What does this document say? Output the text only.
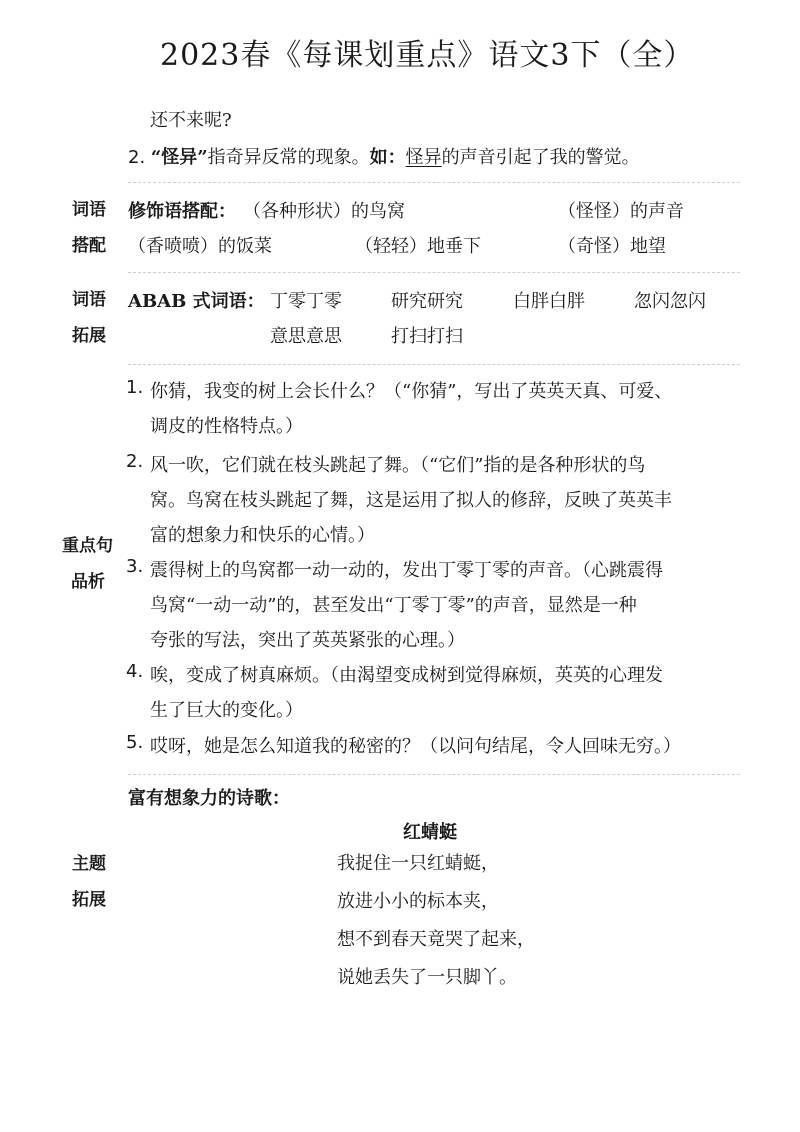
2023春《每课划重点》语文3下（全）
还不来呢?
2. “怪异”指奇异反常的现象。如：怪异的声音引起了我的警觉。
词语
搭配
修饰语搭配： （各种形状）的鸟窝	（怪怪）的声音
（香喷喷）的饭菜	（轻轻）地垂下	（奇怪）地望
词语
拓展
ABAB 式词语： 丁零丁零	研究研究	白胖白胖	忽闪忽闪
意思意思	打扫打扫
重点句
品析
1. 你猜，我变的树上会长什么？（“你猜”，写出了英英天真、可爱、
调皮的性格特点。）
2. 风一吹，它们就在枝头跳起了舞。（“它们”指的是各种形状的鸟
窝。鸟窝在枝头跳起了舞，这是运用了拟人的修辞，反映了英英丰
富的想象力和快乐的心情。）
3. 震得树上的鸟窝都一动一动的，发出丁零丁零的声音。（心跳震得
鸟窝“一动一动”的，甚至发出“丁零丁零”的声音，显然是一种
夸张的写法，突出了英英紧张的心理。）
4. 唉，变成了树真麻烦。（由渴望变成树到觉得麻烦，英英的心理发
生了巨大的变化。）
5. 哎呀，她是怎么知道我的秘密的？（以问句结尾，令人回味无穷。）
主题
拓展
富有想象力的诗歌：
红蜻蜓
我捉住一只红蜻蜓，
放进小小的标本夹，
想不到春天竟哭了起来，
说她丢失了一只脚丫。
